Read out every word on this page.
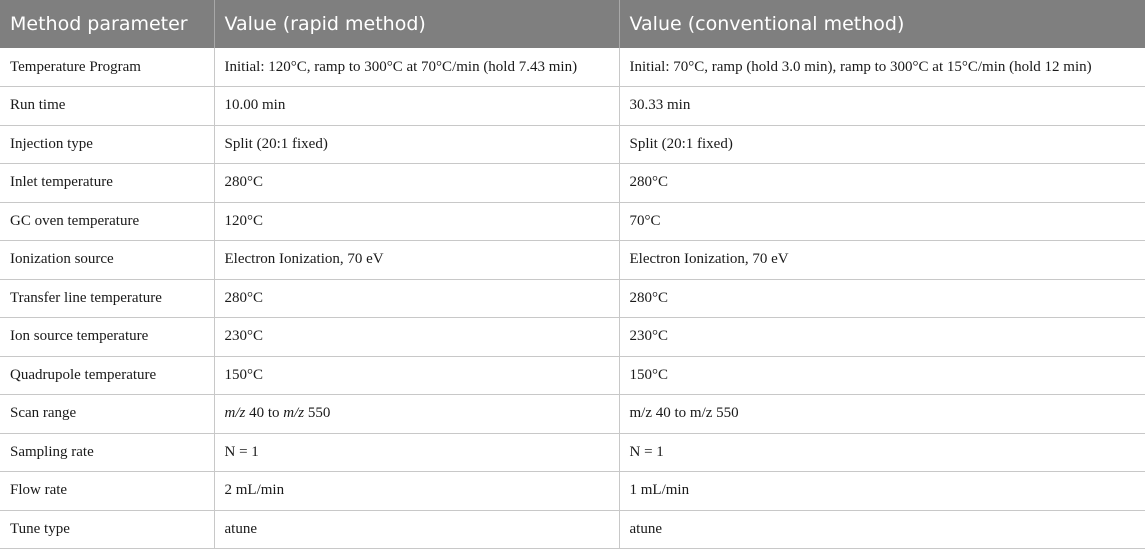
Method parameter	Value (rapid method)	Value (conventional method)
Temperature Program	Initial: 120°C, ramp to 300°C at 70°C/min (hold 7.43 min)	Initial: 70°C, ramp (hold 3.0 min), ramp to 300°C at 15°C/min (hold 12 min)
Run time	10.00 min	30.33 min
Injection type	Split (20:1 fixed)	Split (20:1 fixed)
Inlet temperature	280°C	280°C
GC oven temperature	120°C	70°C
Ionization source	Electron Ionization, 70 eV	Electron Ionization, 70 eV
Transfer line temperature	280°C	280°C
Ion source temperature	230°C	230°C
Quadrupole temperature	150°C	150°C
Scan range	m/z 40 to m/z 550	m/z 40 to m/z 550
Sampling rate	N = 1	N = 1
Flow rate	2 mL/min	1 mL/min
Tune type	atune	atune
